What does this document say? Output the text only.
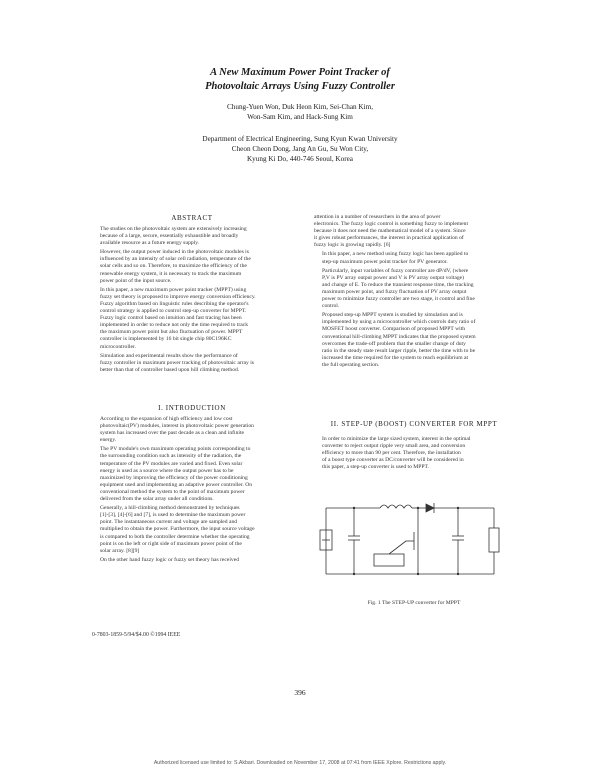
A New Maximum Power Point Tracker of
Photovoltaic Arrays Using Fuzzy Controller
Chung-Yuen Won, Duk Heon Kim, Sei-Chan Kim,
Won-Sam Kim, and Hack-Sung Kim
Department of Electrical Engineering, Sung Kyun Kwan University
Cheon Cheon Dong, Jang An Gu, Su Won City,
Kyung Ki Do, 440-746 Seoul, Korea
ABSTRACT
The studies on the photovoltaic system are extensively increasing
because of a large, secure, essentially exhaustible and broadly
available resource as a future energy supply.
However, the output power induced in the photovoltaic modules is
influenced by an intensity of solar cell radiation, temperature of the
solar cells and so on. Therefore, to maximize the efficiency of the
renewable energy system, it is necessary to track the maximum
power point of the input source.
In this paper, a new maximum power point tracker (MPPT) using
fuzzy set theory is proposed to improve energy conversion efficiency.
Fuzzy algorithm based on linguistic rules describing the operator's
control strategy is applied to control step-up converter for MPPT.
Fuzzy logic control based on intuition and fast tracing has been
implemented in order to reduce not only the time required to track
the maximum power point but also fluctuation of power. MPPT
controller is implemented by 16 bit single chip 80C196KC
microcontroller.
Simulation and experimental results show the performance of
fuzzy controller in maximum power tracking of photovoltaic array is
better than that of controller based upon hill climbing method.
I. INTRODUCTION
According to the expansion of high efficiency and low cost
photovoltaic(PV) modules, interest in photovoltaic power generation
system has increased over the past decade as a clean and infinite
energy.
The PV module's own maximum operating points corresponding to
the surrounding condition such as intensity of the radiation, the
temperature of the PV modules are varied and fixed. Even solar
energy is used as a source where the output power has to be
maximized by improving the efficiency of the power conditioning
equipment used and implementing an adaptive power controller. On
conventional method the system to the point of maximum power
delivered from the solar array under all conditions.
Generally, a hill-climbing method demonstrated by techniques
[1]-[3], [4]-[6] and [7], is used to determine the maximum power
point. The instantaneous current and voltage are sampled and
multiplied to obtain the power. Furthermore, the input source voltage
is compared to both the controller determine whether the operating
point is on the left or right side of maximum power point of the
solar array. [8][9]
On the other hand fuzzy logic or fuzzy set theory has received
0-7803-1859-5/94/$4.00 ©1994 IEEE
attention in a number of researchers in the area of power
electronics. The fuzzy logic control is something fuzzy to implement
because it does not need the mathematical model of a system. Since
it gives robust performances, the interest in practical application of
fuzzy logic is growing rapidly. [6]
In this paper, a new method using fuzzy logic has been applied to
step-up maximum power point tracker for PV generator.
Particularly, input variables of fuzzy controller are dP/dV, (where
P,V is PV array output power and V is PV array output voltage)
and change of E. To reduce the transient response time, the tracking
maximum power point, and fuzzy fluctuation of PV array output
power to minimize fuzzy controller are two stage, it control and fine
control.
Proposed step-up MPPT system is studied by simulation and is
implemented by using a microcontroller which controls duty ratio of
MOSFET boost converter. Comparison of proposed MPPT with
conventional hill-climbing MPPT indicates that the proposed system
overcomes the trade-off problem that the smaller change of duty
ratio in the steady state result larger ripple, better the time with to be
increased the time required for the system to reach equilibrium at
the full operating section.
II. STEP-UP (BOOST) CONVERTER FOR MPPT
In order to minimize the large sized system, interest in the optimal
converter to reject output ripple very small area, and conversion
efficiency to more than 90 per cent. Therefore, the installation
of a boost type converter as DC/converter will be considered in
this paper, a step-up converter is used to MPPT.
Fig. 1 The STEP-UP converter for MPPT
396
Authorized licensed use limited to: S.Akbari. Downloaded on November 17, 2008 at 07:41 from IEEE Xplore. Restrictions apply.
